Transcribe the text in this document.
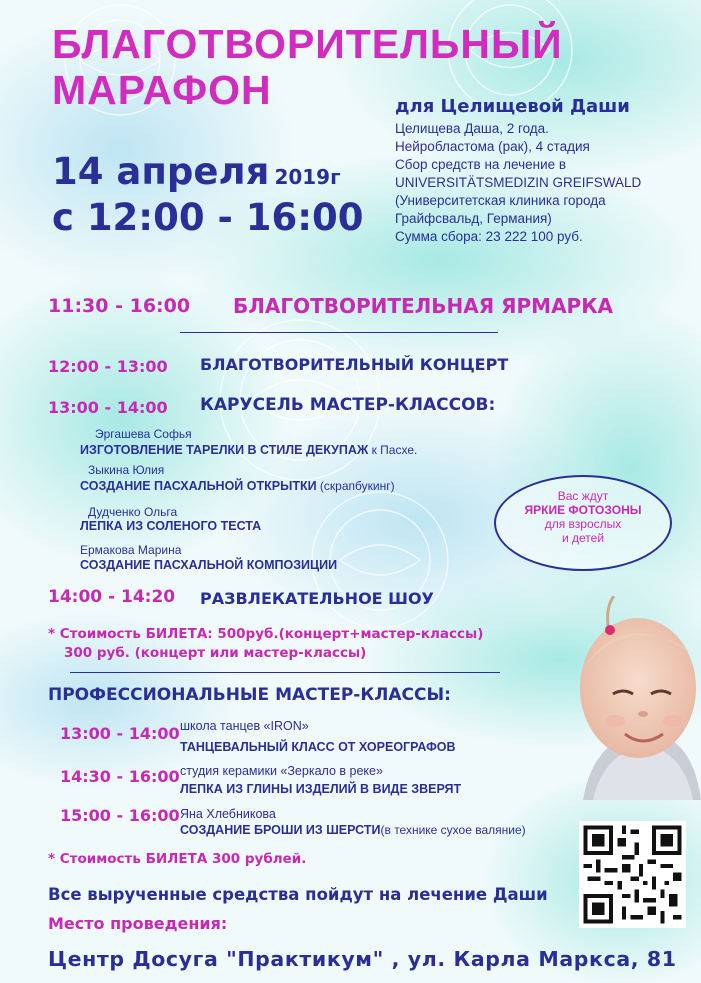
БЛАГОТВОРИТЕЛЬНЫЙ
МАРАФОН
14 апреля 2019г
с 12:00 - 16:00
для Целищевой Даши
Целищева Даша, 2 года.
Нейробластома (рак), 4 стадия
Сбор средств на лечение в
UNIVERSITÄTSMEDIZIN GREIFSWALD
(Университетская клиника города
Грайфсвальд, Германия)
Сумма сбора: 23 222 100 руб.
11:30 - 16:00 БЛАГОТВОРИТЕЛЬНАЯ ЯРМАРКА
12:00 - 13:00 БЛАГОТВОРИТЕЛЬНЫЙ КОНЦЕРТ
13:00 - 14:00 КАРУСЕЛЬ МАСТЕР-КЛАССОВ:
Эргашева Софья
ИЗГОТОВЛЕНИЕ ТАРЕЛКИ В СТИЛЕ ДЕКУПАЖ к Пасхе.
Зыкина Юлия
СОЗДАНИЕ ПАСХАЛЬНОЙ ОТКРЫТКИ (скрапбукинг)
Дудченко Ольга
ЛЕПКА ИЗ СОЛЕНОГО ТЕСТА
Ермакова Марина
СОЗДАНИЕ ПАСХАЛЬНОЙ КОМПОЗИЦИИ
Вас ждут
ЯРКИЕ ФОТОЗОНЫ
для взрослых
и детей
14:00 - 14:20 РАЗВЛЕКАТЕЛЬНОЕ ШОУ
* Стоимость БИЛЕТА: 500руб.(концерт+мастер-классы)
300 руб. (концерт или мастер-классы)
ПРОФЕССИОНАЛЬНЫЕ МАСТЕР-КЛАССЫ:
13:00 - 14:00 школа танцев «IRON»
ТАНЦЕВАЛЬНЫЙ КЛАСС ОТ ХОРЕОГРАФОВ
14:30 - 16:00 студия керамики «Зеркало в реке»
ЛЕПКА ИЗ ГЛИНЫ ИЗДЕЛИЙ В ВИДЕ ЗВЕРЯТ
15:00 - 16:00 Яна Хлебникова
СОЗДАНИЕ БРОШИ ИЗ ШЕРСТИ(в технике сухое валяние)
* Стоимость БИЛЕТА 300 рублей.
Все вырученные средства пойдут на лечение Даши
Место проведения:
Центр Досуга "Практикум" , ул. Карла Маркса, 81
